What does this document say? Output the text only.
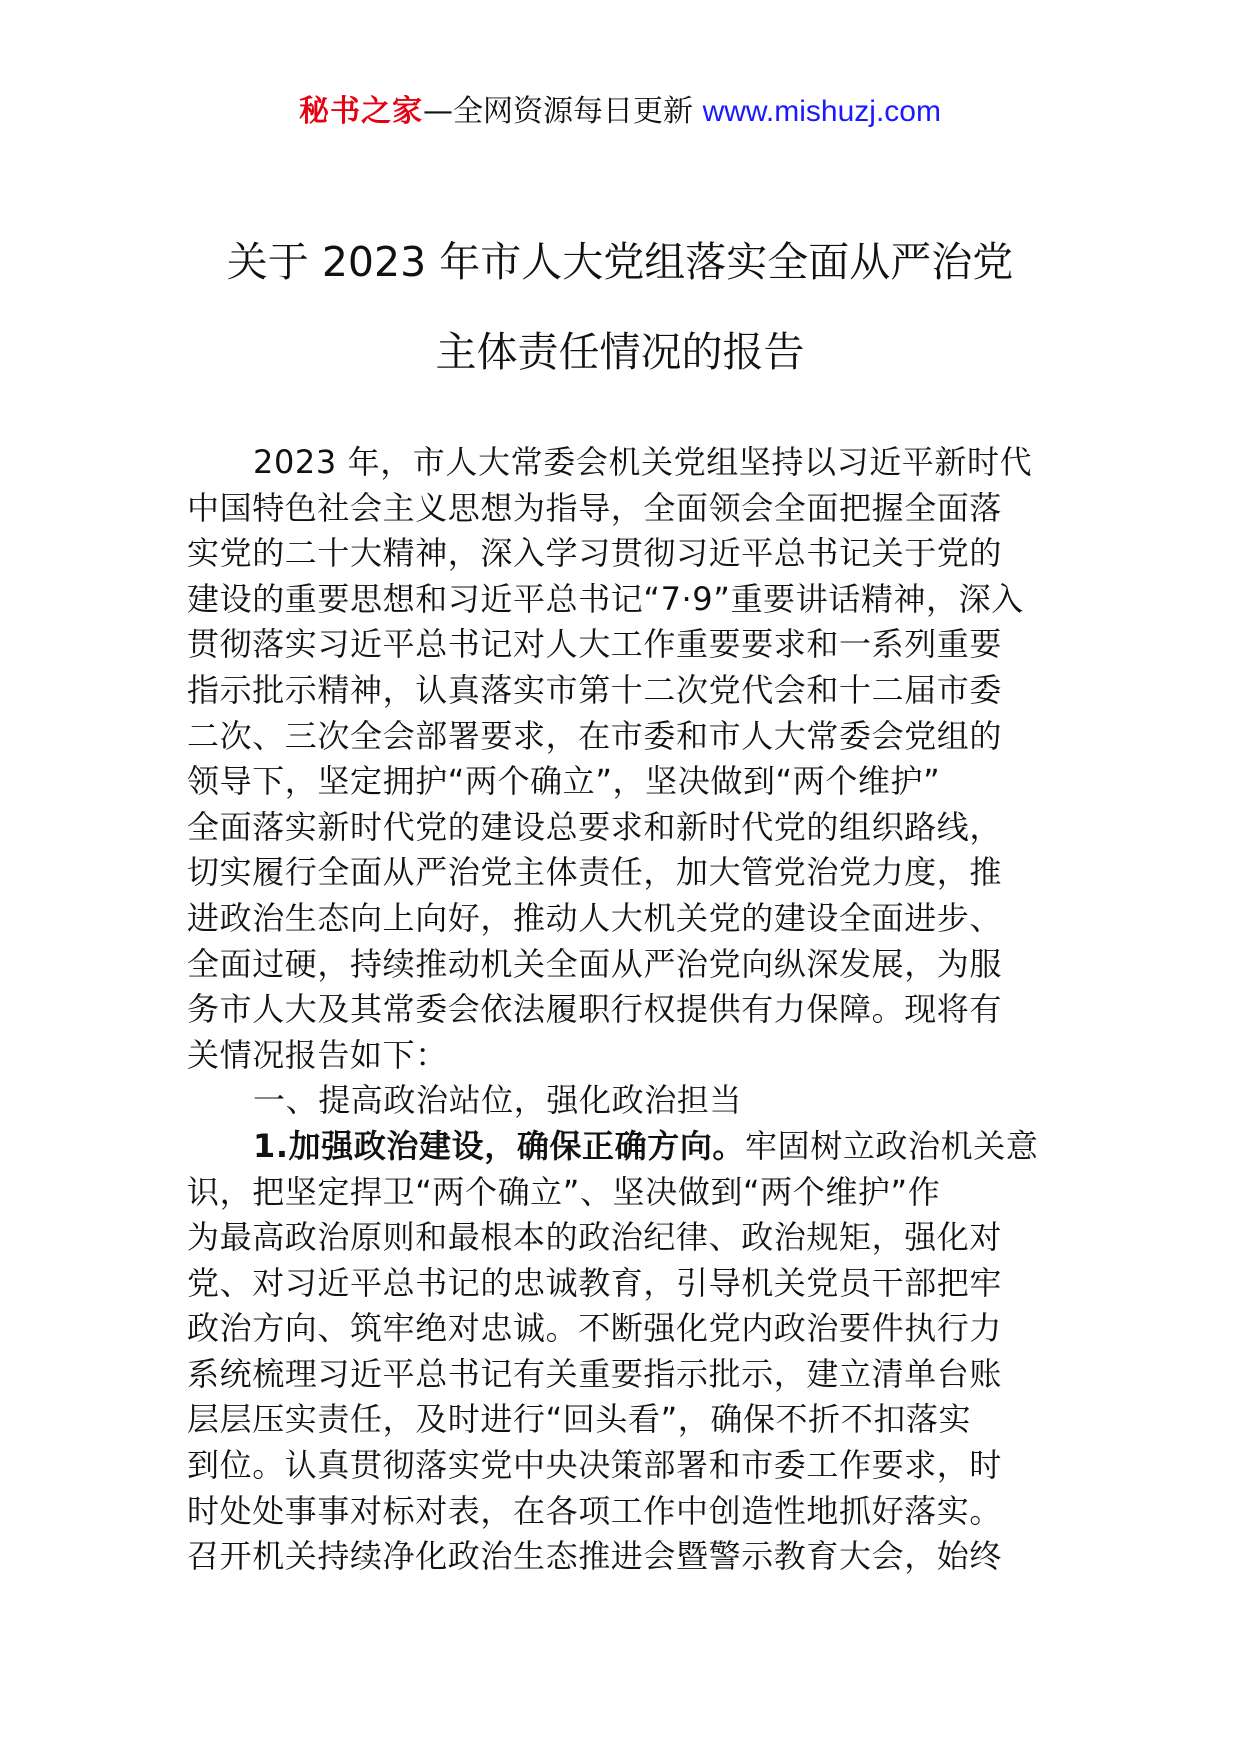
秘书之家—全网资源每日更新 www.mishuzj.com
关于 2023 年市人大党组落实全面从严治党
主体责任情况的报告
2023 年，市人大常委会机关党组坚持以习近平新时代
中国特色社会主义思想为指导，全面领会全面把握全面落
实党的二十大精神，深入学习贯彻习近平总书记关于党的
建设的重要思想和习近平总书记“7·9”重要讲话精神，深入
贯彻落实习近平总书记对人大工作重要要求和一系列重要
指示批示精神，认真落实市第十二次党代会和十二届市委
二次、三次全会部署要求，在市委和市人大常委会党组的
领导下，坚定拥护“两个确立”，坚决做到“两个维护”
全面落实新时代党的建设总要求和新时代党的组织路线，
切实履行全面从严治党主体责任，加大管党治党力度，推
进政治生态向上向好，推动人大机关党的建设全面进步、
全面过硬，持续推动机关全面从严治党向纵深发展，为服
务市人大及其常委会依法履职行权提供有力保障。现将有
关情况报告如下：
一、提高政治站位，强化政治担当
1.加强政治建设，确保正确方向。牢固树立政治机关意
识，把坚定捍卫“两个确立”、坚决做到“两个维护”作
为最高政治原则和最根本的政治纪律、政治规矩，强化对
党、对习近平总书记的忠诚教育，引导机关党员干部把牢
政治方向、筑牢绝对忠诚。不断强化党内政治要件执行力
系统梳理习近平总书记有关重要指示批示，建立清单台账
层层压实责任，及时进行“回头看”，确保不折不扣落实
到位。认真贯彻落实党中央决策部署和市委工作要求，时
时处处事事对标对表，在各项工作中创造性地抓好落实。
召开机关持续净化政治生态推进会暨警示教育大会，始终
